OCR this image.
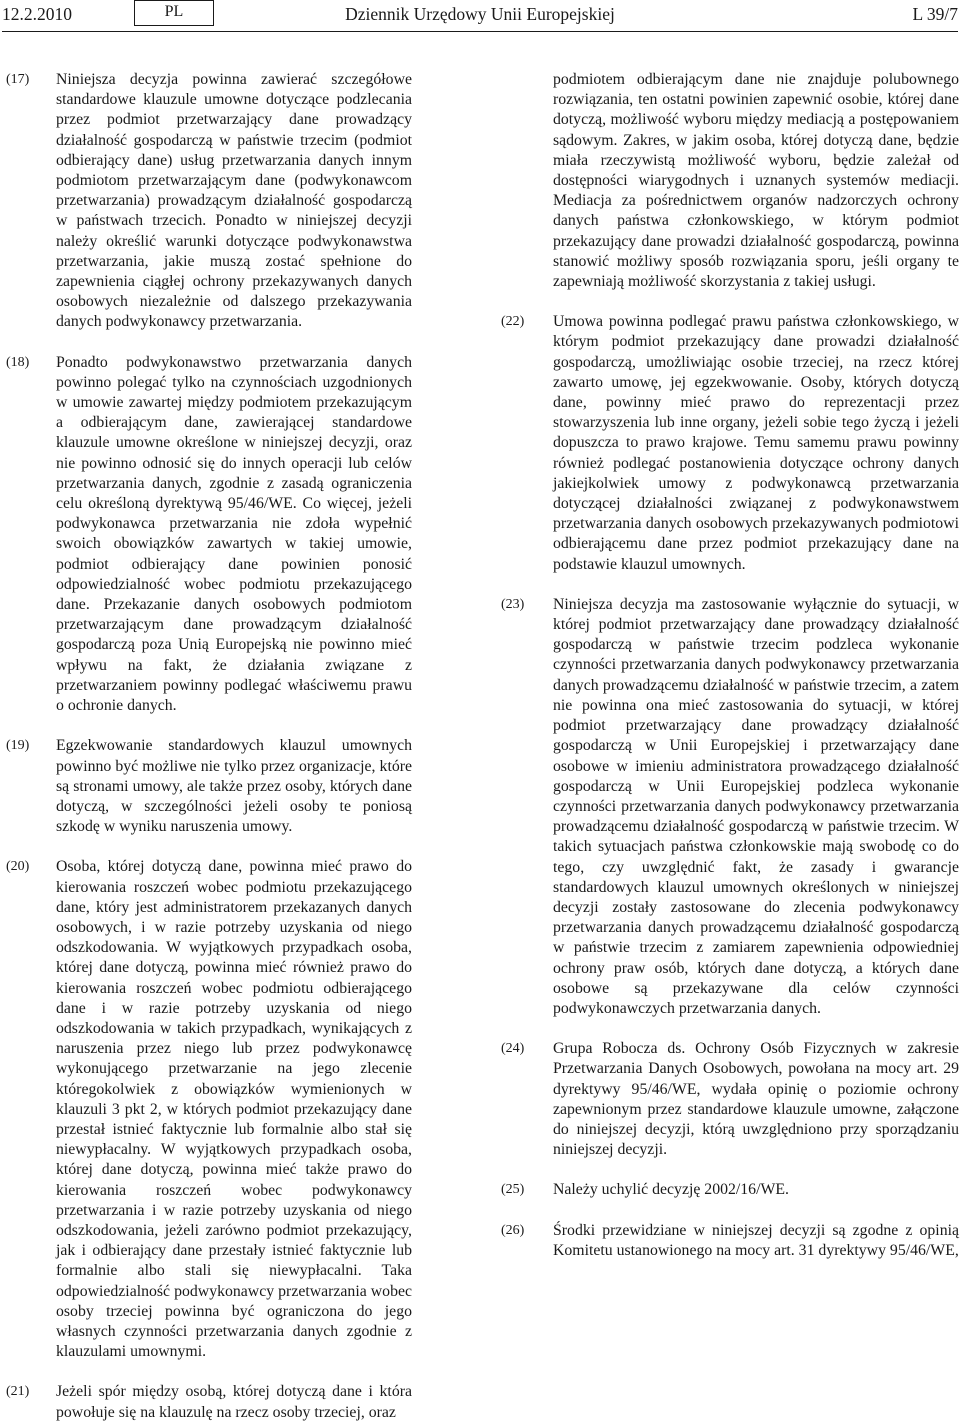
Dziennik Urzędowy Unii Europejskiej
12.2.2010	PL	L 39/7
(17) Niniejsza decyzja powinna zawierać szczegółowe standardowe klauzule umowne dotyczące podzlecania przez podmiot przetwarzający dane prowadzący działalność gospodarczą w państwie trzecim (podmiot odbierający dane) usług przetwarzania danych innym podmiotom przetwarzającym dane (podwykonawcom przetwarzania) prowadzącym działalność gospodarczą w państwach trzecich. Ponadto w niniejszej decyzji należy określić warunki dotyczące podwykonawstwa przetwarzania, jakie muszą zostać spełnione do zapewnienia ciągłej ochrony przekazywanych danych osobowych niezależnie od dalszego przekazywania danych podwykonawcy przetwarzania.

(18) Ponadto podwykonawstwo przetwarzania danych powinno polegać tylko na czynnościach uzgodnionych w umowie zawartej między podmiotem przekazującym a odbierającym dane, zawierającej standardowe klauzule umowne określone w niniejszej decyzji, oraz nie powinno odnosić się do innych operacji lub celów przetwarzania danych, zgodnie z zasadą ograniczenia celu określoną dyrektywą 95/46/WE. Co więcej, jeżeli podwykonawca przetwarzania nie zdoła wypełnić swoich obowiązków zawartych w takiej umowie, podmiot odbierający dane powinien ponosić odpowiedzialność wobec podmiotu przekazującego dane. Przekazanie danych osobowych podmiotom przetwarzającym dane prowadzącym działalność gospodarczą poza Unią Europejską nie powinno mieć wpływu na fakt, że działania związane z przetwarzaniem powinny podlegać właściwemu prawu o ochronie danych.

(19) Egzekwowanie standardowych klauzul umownych powinno być możliwe nie tylko przez organizacje, które są stronami umowy, ale także przez osoby, których dane dotyczą, w szczególności jeżeli osoby te poniosą szkodę w wyniku naruszenia umowy.

(20) Osoba, której dotyczą dane, powinna mieć prawo do kierowania roszczeń wobec podmiotu przekazującego dane, który jest administratorem przekazanych danych osobowych, i w razie potrzeby uzyskania od niego odszkodowania. W wyjątkowych przypadkach osoba, której dane dotyczą, powinna mieć również prawo do kierowania roszczeń wobec podmiotu odbierającego dane i w razie potrzeby uzyskania od niego odszkodowania w takich przypadkach, wynikających z naruszenia przez niego lub przez podwykonawcę wykonującego przetwarzanie na jego zlecenie któregokolwiek z obowiązków wymienionych w klauzuli 3 pkt 2, w których podmiot przekazujący dane przestał istnieć faktycznie lub formalnie albo stał się niewypłacalny. W wyjątkowych przypadkach osoba, której dane dotyczą, powinna mieć także prawo do kierowania roszczeń wobec podwykonawcy przetwarzania i w razie potrzeby uzyskania od niego odszkodowania, jeżeli zarówno podmiot przekazujący, jak i odbierający dane przestały istnieć faktycznie lub formalnie albo stali się niewypłacalni. Taka odpowiedzialność podwykonawcy przetwarzania wobec osoby trzeciej powinna być ograniczona do jego własnych czynności przetwarzania danych zgodnie z klauzulami umownymi.

(21) Jeżeli spór między osobą, której dotyczą dane i która powołuje się na klauzulę na rzecz osoby trzeciej, oraz

podmiotem odbierającym dane nie znajduje polubownego rozwiązania, ten ostatni powinien zapewnić osobie, której dane dotyczą, możliwość wyboru między mediacją a postępowaniem sądowym. Zakres, w jakim osoba, której dotyczą dane, będzie miała rzeczywistą możliwość wyboru, będzie zależał od dostępności wiarygodnych i uznanych systemów mediacji. Mediacja za pośrednictwem organów nadzorczych ochrony danych państwa członkowskiego, w którym podmiot przekazujący dane prowadzi działalność gospodarczą, powinna stanowić możliwy sposób rozwiązania sporu, jeśli organy te zapewniają możliwość skorzystania z takiej usługi.

(22) Umowa powinna podlegać prawu państwa członkowskiego, w którym podmiot przekazujący dane prowadzi działalność gospodarczą, umożliwiając osobie trzeciej, na rzecz której zawarto umowę, jej egzekwowanie. Osoby, których dotyczą dane, powinny mieć prawo do reprezentacji przez stowarzyszenia lub inne organy, jeżeli sobie tego życzą i jeżeli dopuszcza to prawo krajowe. Temu samemu prawu powinny również podlegać postanowienia dotyczące ochrony danych jakiejkolwiek umowy z podwykonawcą przetwarzania dotyczącej działalności związanej z podwykonawstwem przetwarzania danych osobowych przekazywanych podmiotowi odbierającemu dane przez podmiot przekazujący dane na podstawie klauzul umownych.

(23) Niniejsza decyzja ma zastosowanie wyłącznie do sytuacji, w której podmiot przetwarzający dane prowadzący działalność gospodarczą w państwie trzecim podzleca wykonanie czynności przetwarzania danych podwykonawcy przetwarzania danych prowadzącemu działalność w państwie trzecim, a zatem nie powinna ona mieć zastosowania do sytuacji, w której podmiot przetwarzający dane prowadzący działalność gospodarczą w Unii Europejskiej i przetwarzający dane osobowe w imieniu administratora prowadzącego działalność gospodarczą w Unii Europejskiej podzleca wykonanie czynności przetwarzania danych podwykonawcy przetwarzania prowadzącemu działalność gospodarczą w państwie trzecim. W takich sytuacjach państwa członkowskie mają swobodę co do tego, czy uwzględnić fakt, że zasady i gwarancje standardowych klauzul umownych określonych w niniejszej decyzji zostały zastosowane do zlecenia podwykonawcy przetwarzania danych prowadzącemu działalność gospodarczą w państwie trzecim z zamiarem zapewnienia odpowiedniej ochrony praw osób, których dane dotyczą, a których dane osobowe są przekazywane dla celów czynności podwykonawczych przetwarzania danych.

(24) Grupa Robocza ds. Ochrony Osób Fizycznych w zakresie Przetwarzania Danych Osobowych, powołana na mocy art. 29 dyrektywy 95/46/WE, wydała opinię o poziomie ochrony zapewnionym przez standardowe klauzule umowne, załączone do niniejszej decyzji, którą uwzględniono przy sporządzaniu niniejszej decyzji.

(25) Należy uchylić decyzję 2002/16/WE.

(26) Środki przewidziane w niniejszej decyzji są zgodne z opinią Komitetu ustanowionego na mocy art. 31 dyrektywy 95/46/WE,
